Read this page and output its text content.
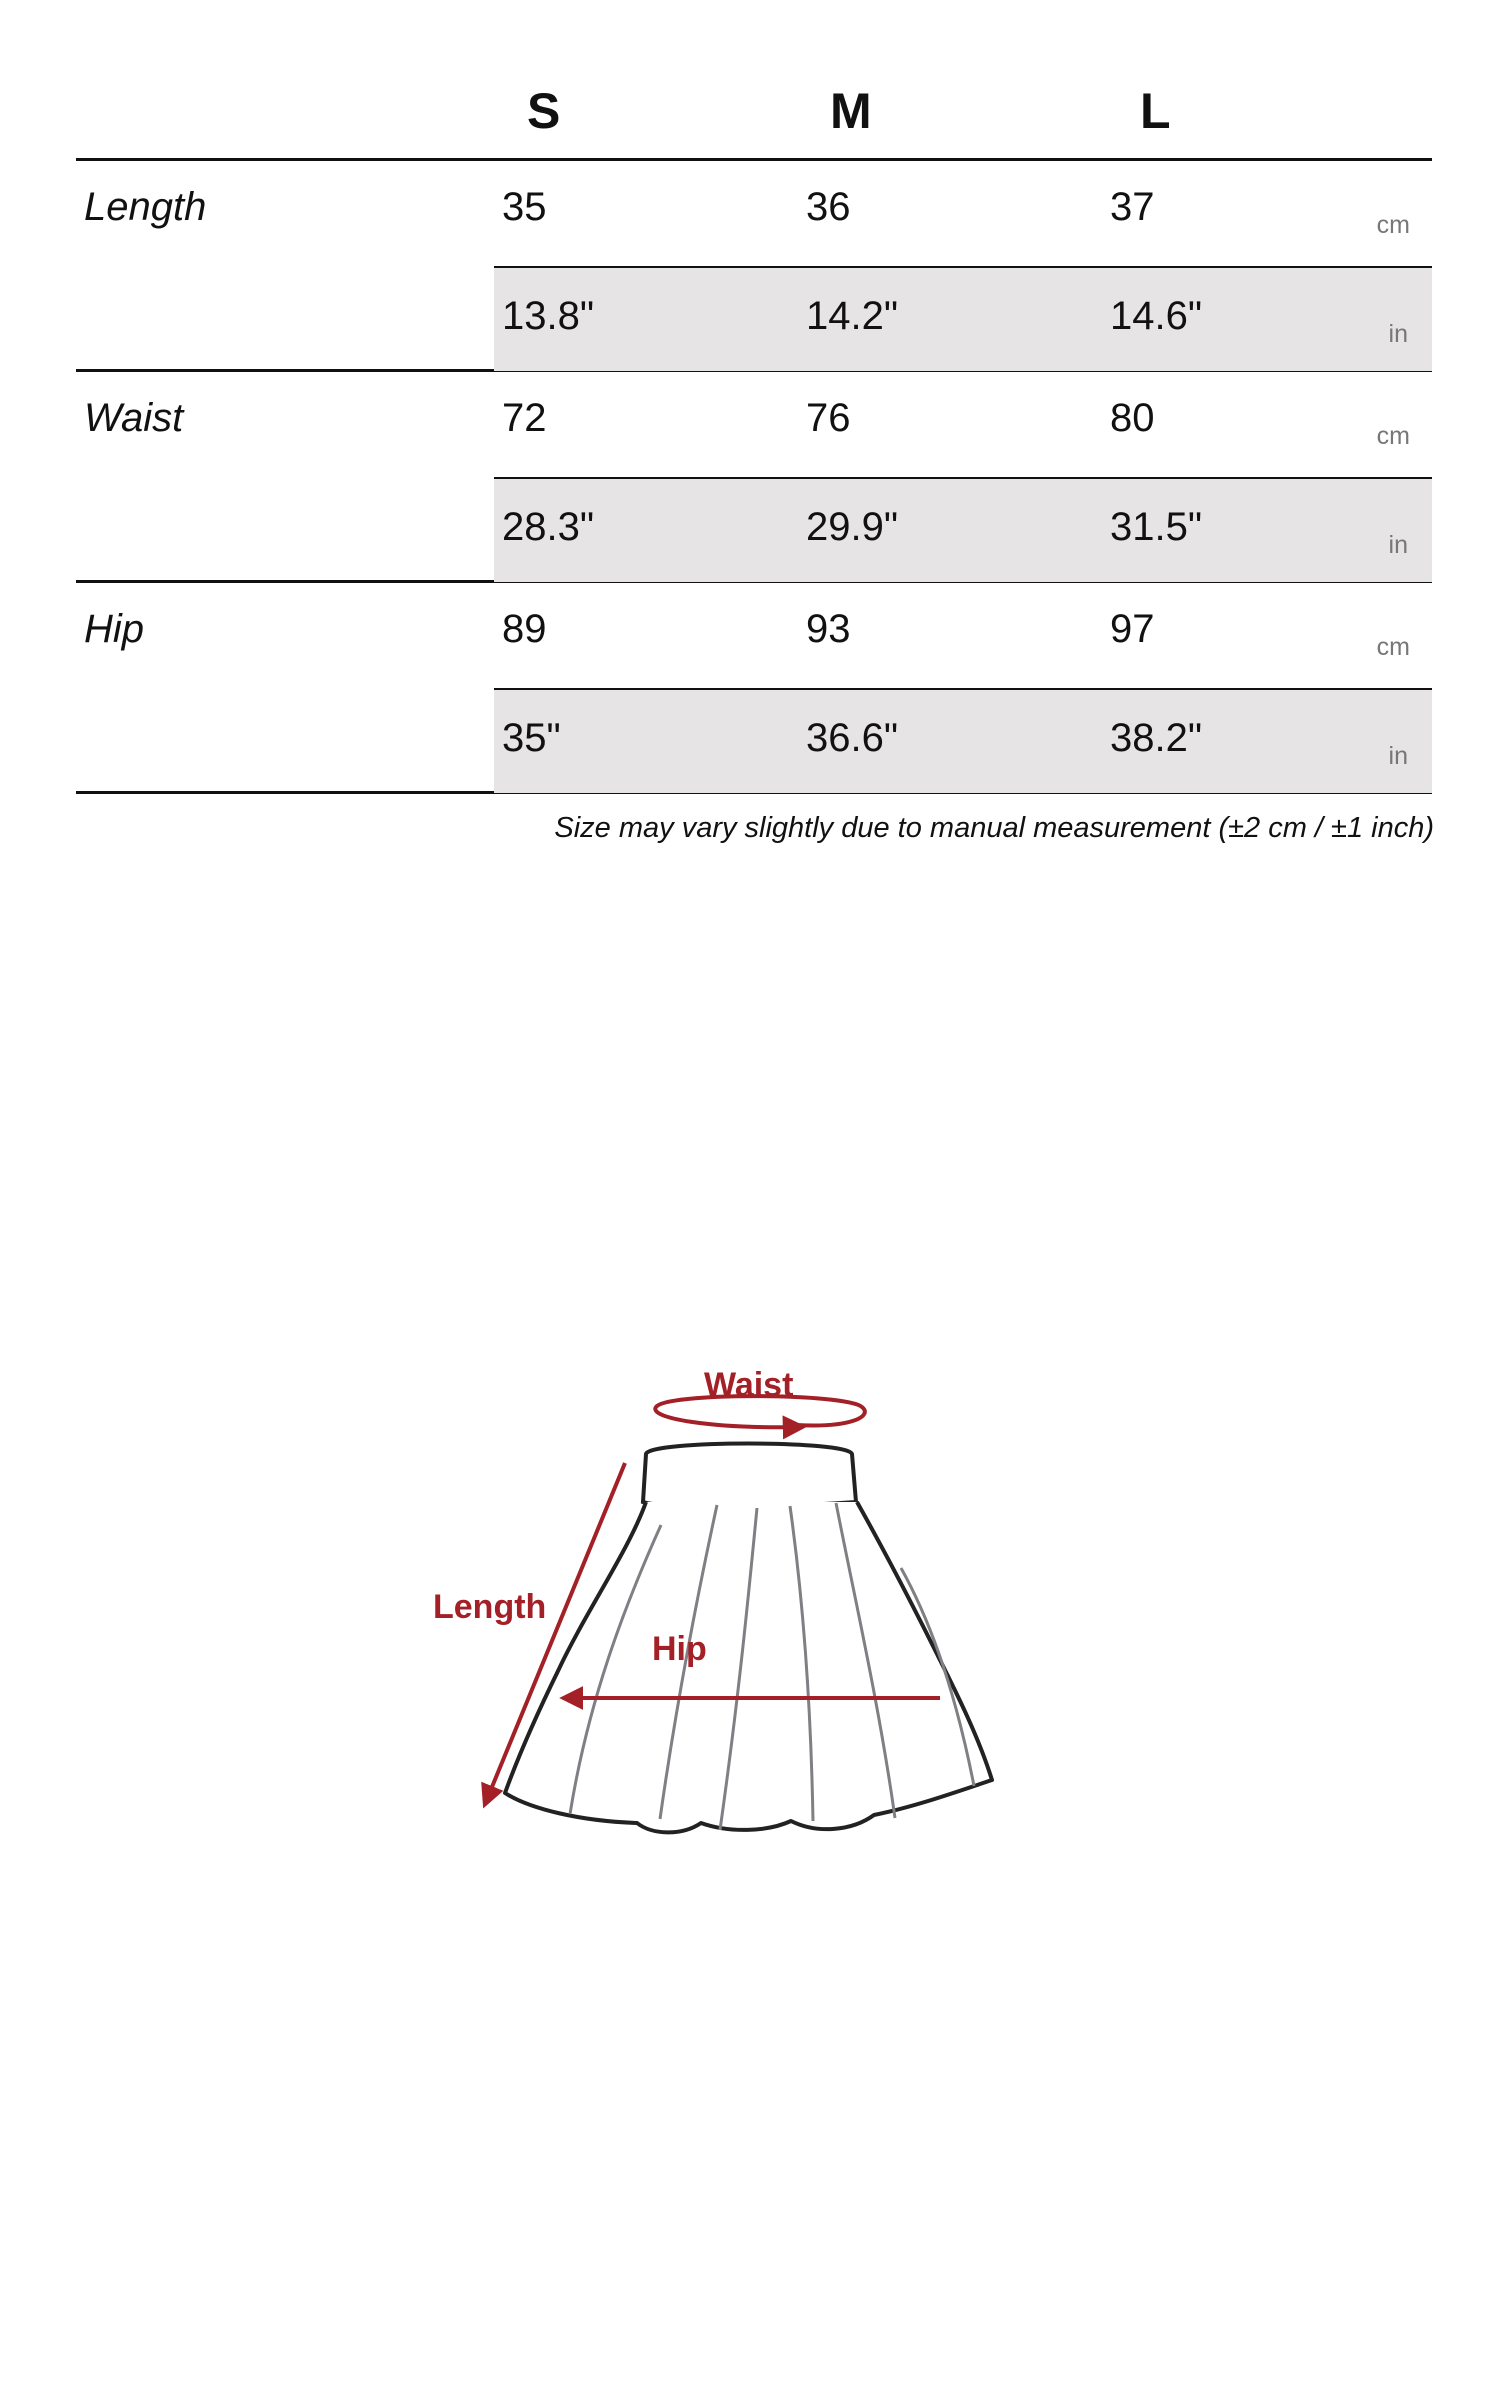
S	M	L
Length	35	36	37	cm
13.8"	14.2"	14.6"	in
Waist	72	76	80	cm
28.3"	29.9"	31.5"	in
Hip	89	93	97	cm
35"	36.6"	38.2"	in
Size may vary slightly due to manual measurement (±2 cm / ±1 inch)
Waist
Length
Hip
